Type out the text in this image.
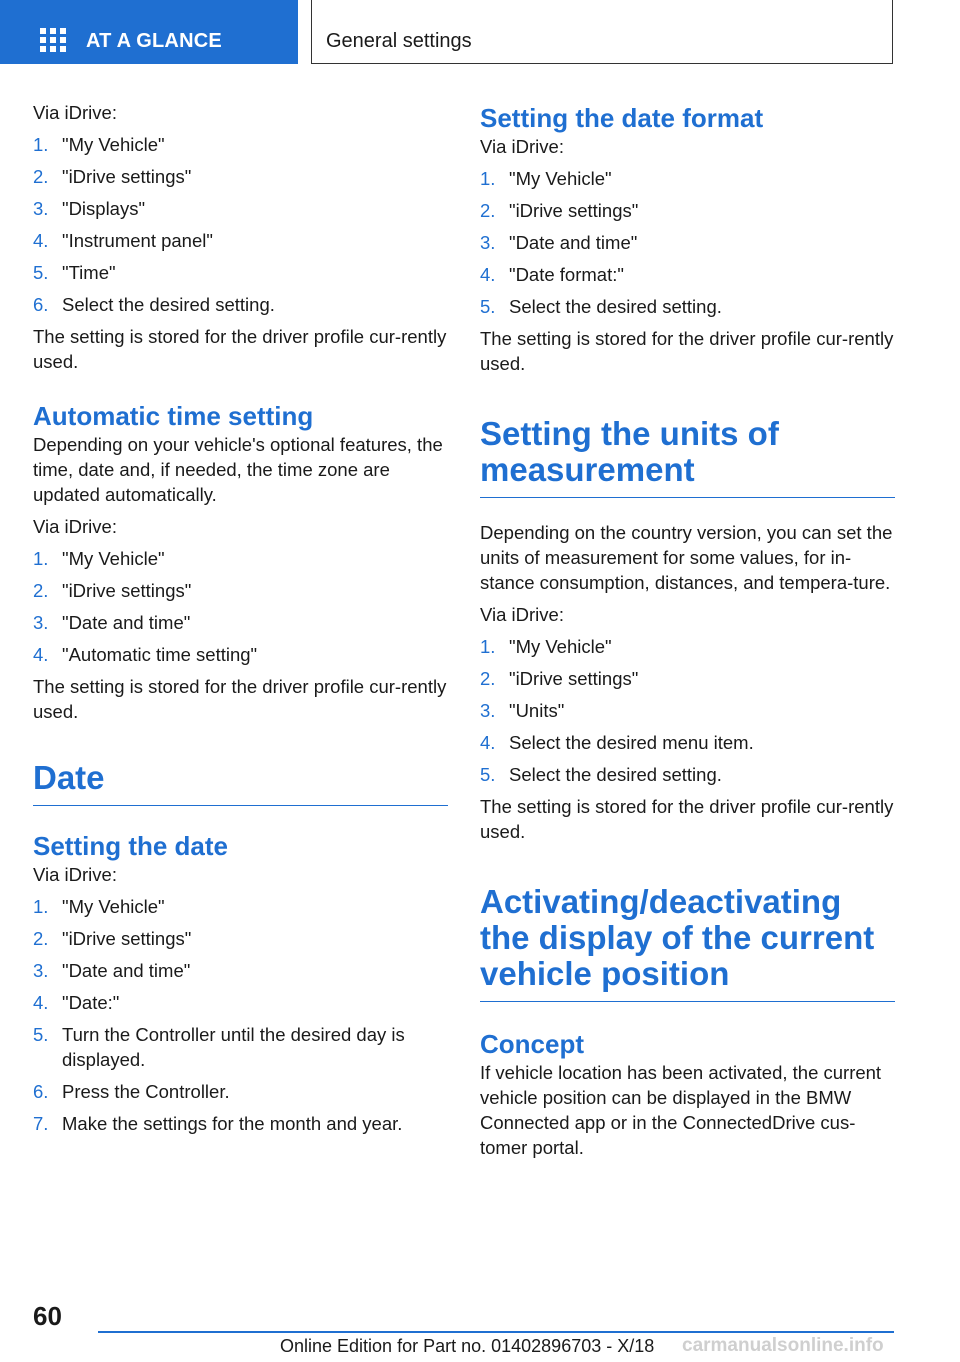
AT A GLANCE	General settings

Via iDrive:

1. "My Vehicle"
2. "iDrive settings"
3. "Displays"
4. "Instrument panel"
5. "Time"
6. Select the desired setting.

The setting is stored for the driver profile cur-rently used.

Automatic time setting

Depending on your vehicle's optional features, the time, date and, if needed, the time zone are updated automatically.

Via iDrive:

1. "My Vehicle"
2. "iDrive settings"
3. "Date and time"
4. "Automatic time setting"

The setting is stored for the driver profile cur-rently used.

Date
Setting the date

Via iDrive:

1. "My Vehicle"
2. "iDrive settings"
3. "Date and time"
4. "Date:"
5. Turn the Controller until the desired day is displayed.
6. Press the Controller.
7. Make the settings for the month and year.
Setting the date format

Via iDrive:

1. "My Vehicle"
2. "iDrive settings"
3. "Date and time"
4. "Date format:"
5. Select the desired setting.

The setting is stored for the driver profile cur-rently used.

Setting the units of measurement

Depending on the country version, you can set the units of measurement for some values, for in-stance consumption, distances, and tempera-ture.

Via iDrive:

1. "My Vehicle"
2. "iDrive settings"
3. "Units"
4. Select the desired menu item.
5. Select the desired setting.

The setting is stored for the driver profile cur-rently used.

Activating/deactivating the display of the current vehicle position
Concept

If vehicle location has been activated, the current vehicle position can be displayed in the BMW Connected app or in the ConnectedDrive cus-tomer portal.

60
Online Edition for Part no. 01402896703 - X/18 carmanualsonline.info
